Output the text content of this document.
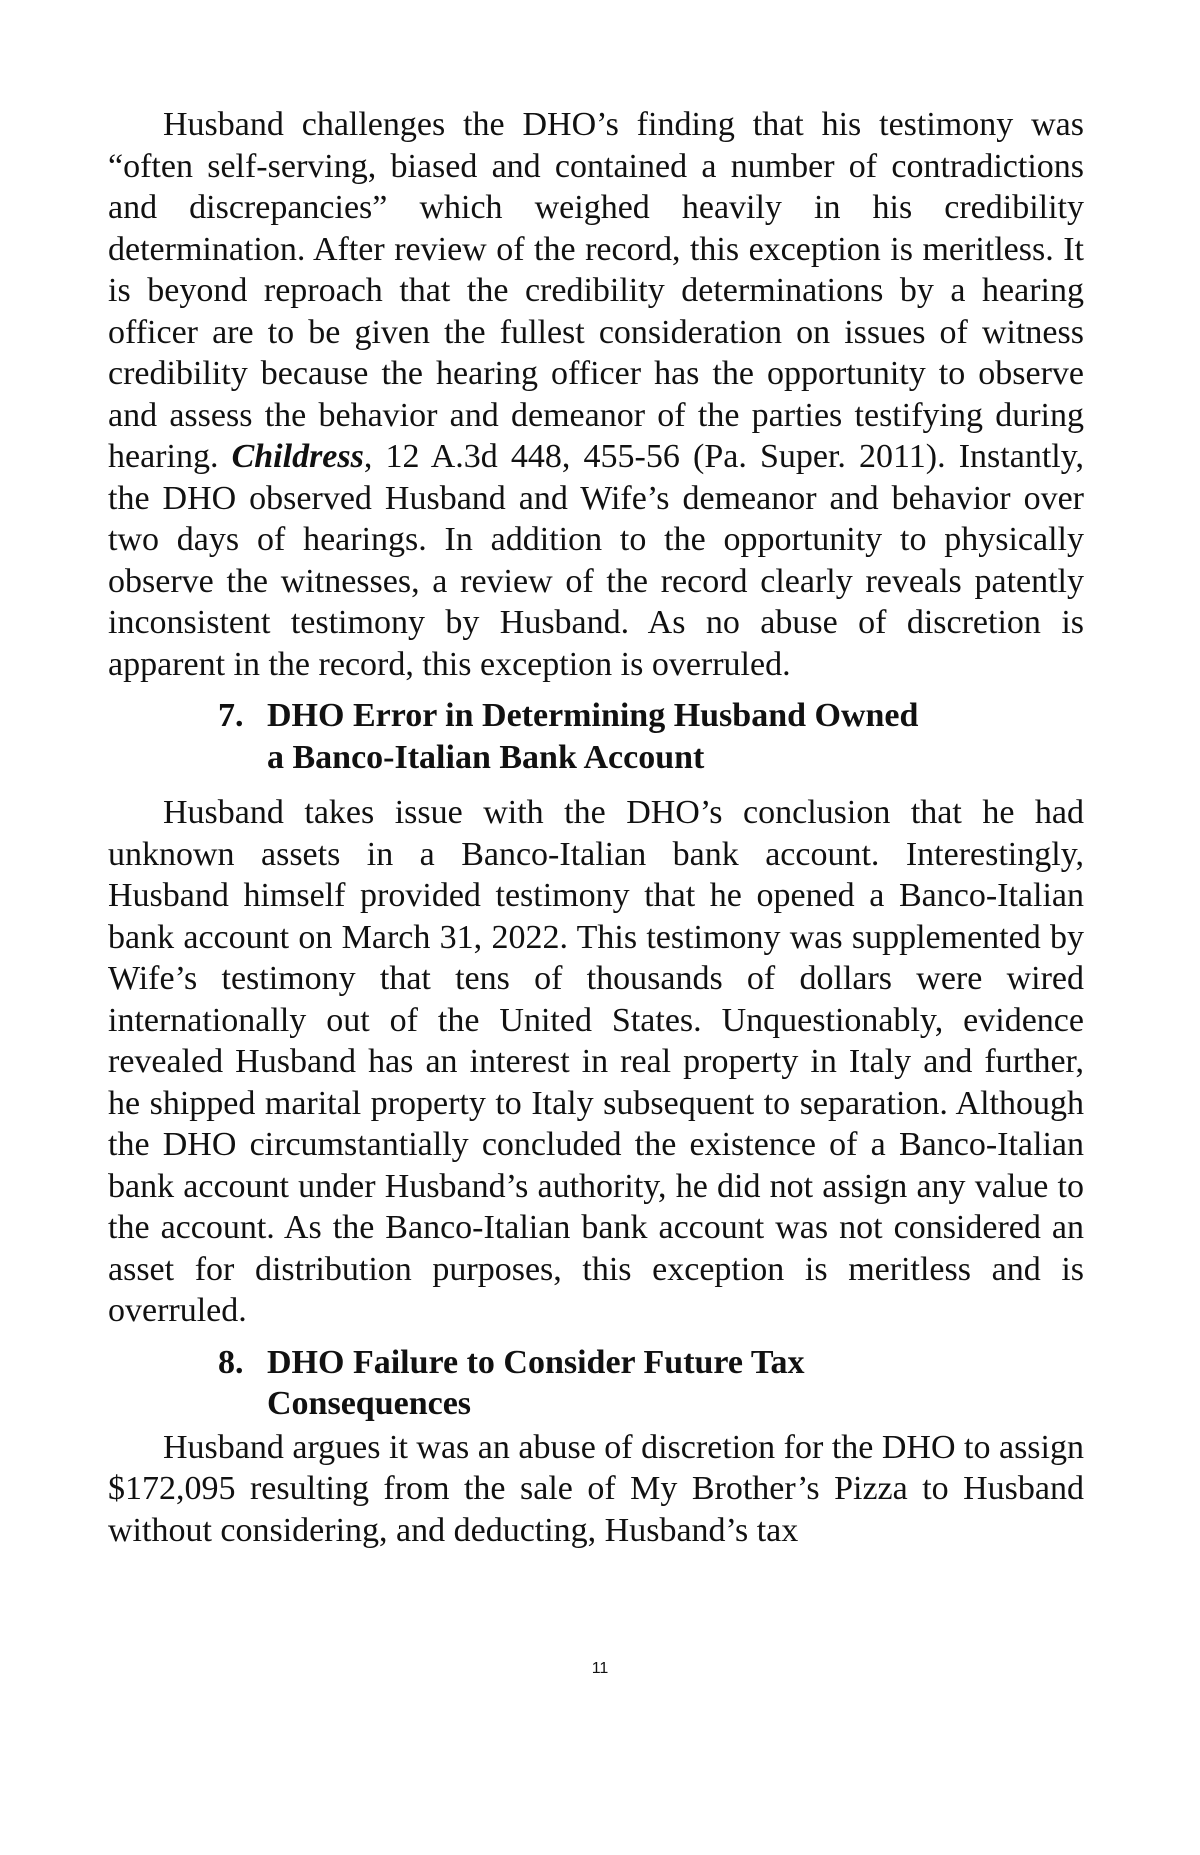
Husband challenges the DHO’s finding that his testimony was “often self-serving, biased and contained a number of contradictions and discrepancies” which weighed heavily in his credibility determination. After review of the record, this exception is meritless. It is beyond reproach that the credibility determinations by a hearing officer are to be given the fullest consideration on issues of witness credibility because the hearing officer has the opportunity to observe and assess the behavior and demeanor of the parties testifying during hearing. Childress, 12 A.3d 448, 455-56 (Pa. Super. 2011). Instantly, the DHO observed Husband and Wife’s demeanor and behavior over two days of hearings. In addition to the opportunity to physically observe the witnesses, a review of the record clearly reveals patently inconsistent testimony by Husband. As no abuse of discretion is apparent in the record, this exception is overruled.

7. DHO Error in Determining Husband Owned
a Banco-Italian Bank Account

Husband takes issue with the DHO’s conclusion that he had unknown assets in a Banco-Italian bank account. Interestingly, Husband himself provided testimony that he opened a Banco-Italian bank account on March 31, 2022. This testimony was supplemented by Wife’s testimony that tens of thousands of dollars were wired internationally out of the United States. Unquestionably, evidence revealed Husband has an interest in real property in Italy and further, he shipped marital property to Italy subsequent to separation. Although the DHO circumstantially concluded the existence of a Banco-Italian bank account under Husband’s authority, he did not assign any value to the account. As the Banco-Italian bank account was not considered an asset for distribution purposes, this exception is meritless and is overruled.

8. DHO Failure to Consider Future Tax
Consequences

Husband argues it was an abuse of discretion for the DHO to assign $172,095 resulting from the sale of My Brother’s Pizza to Husband without considering, and deducting, Husband’s tax

11
